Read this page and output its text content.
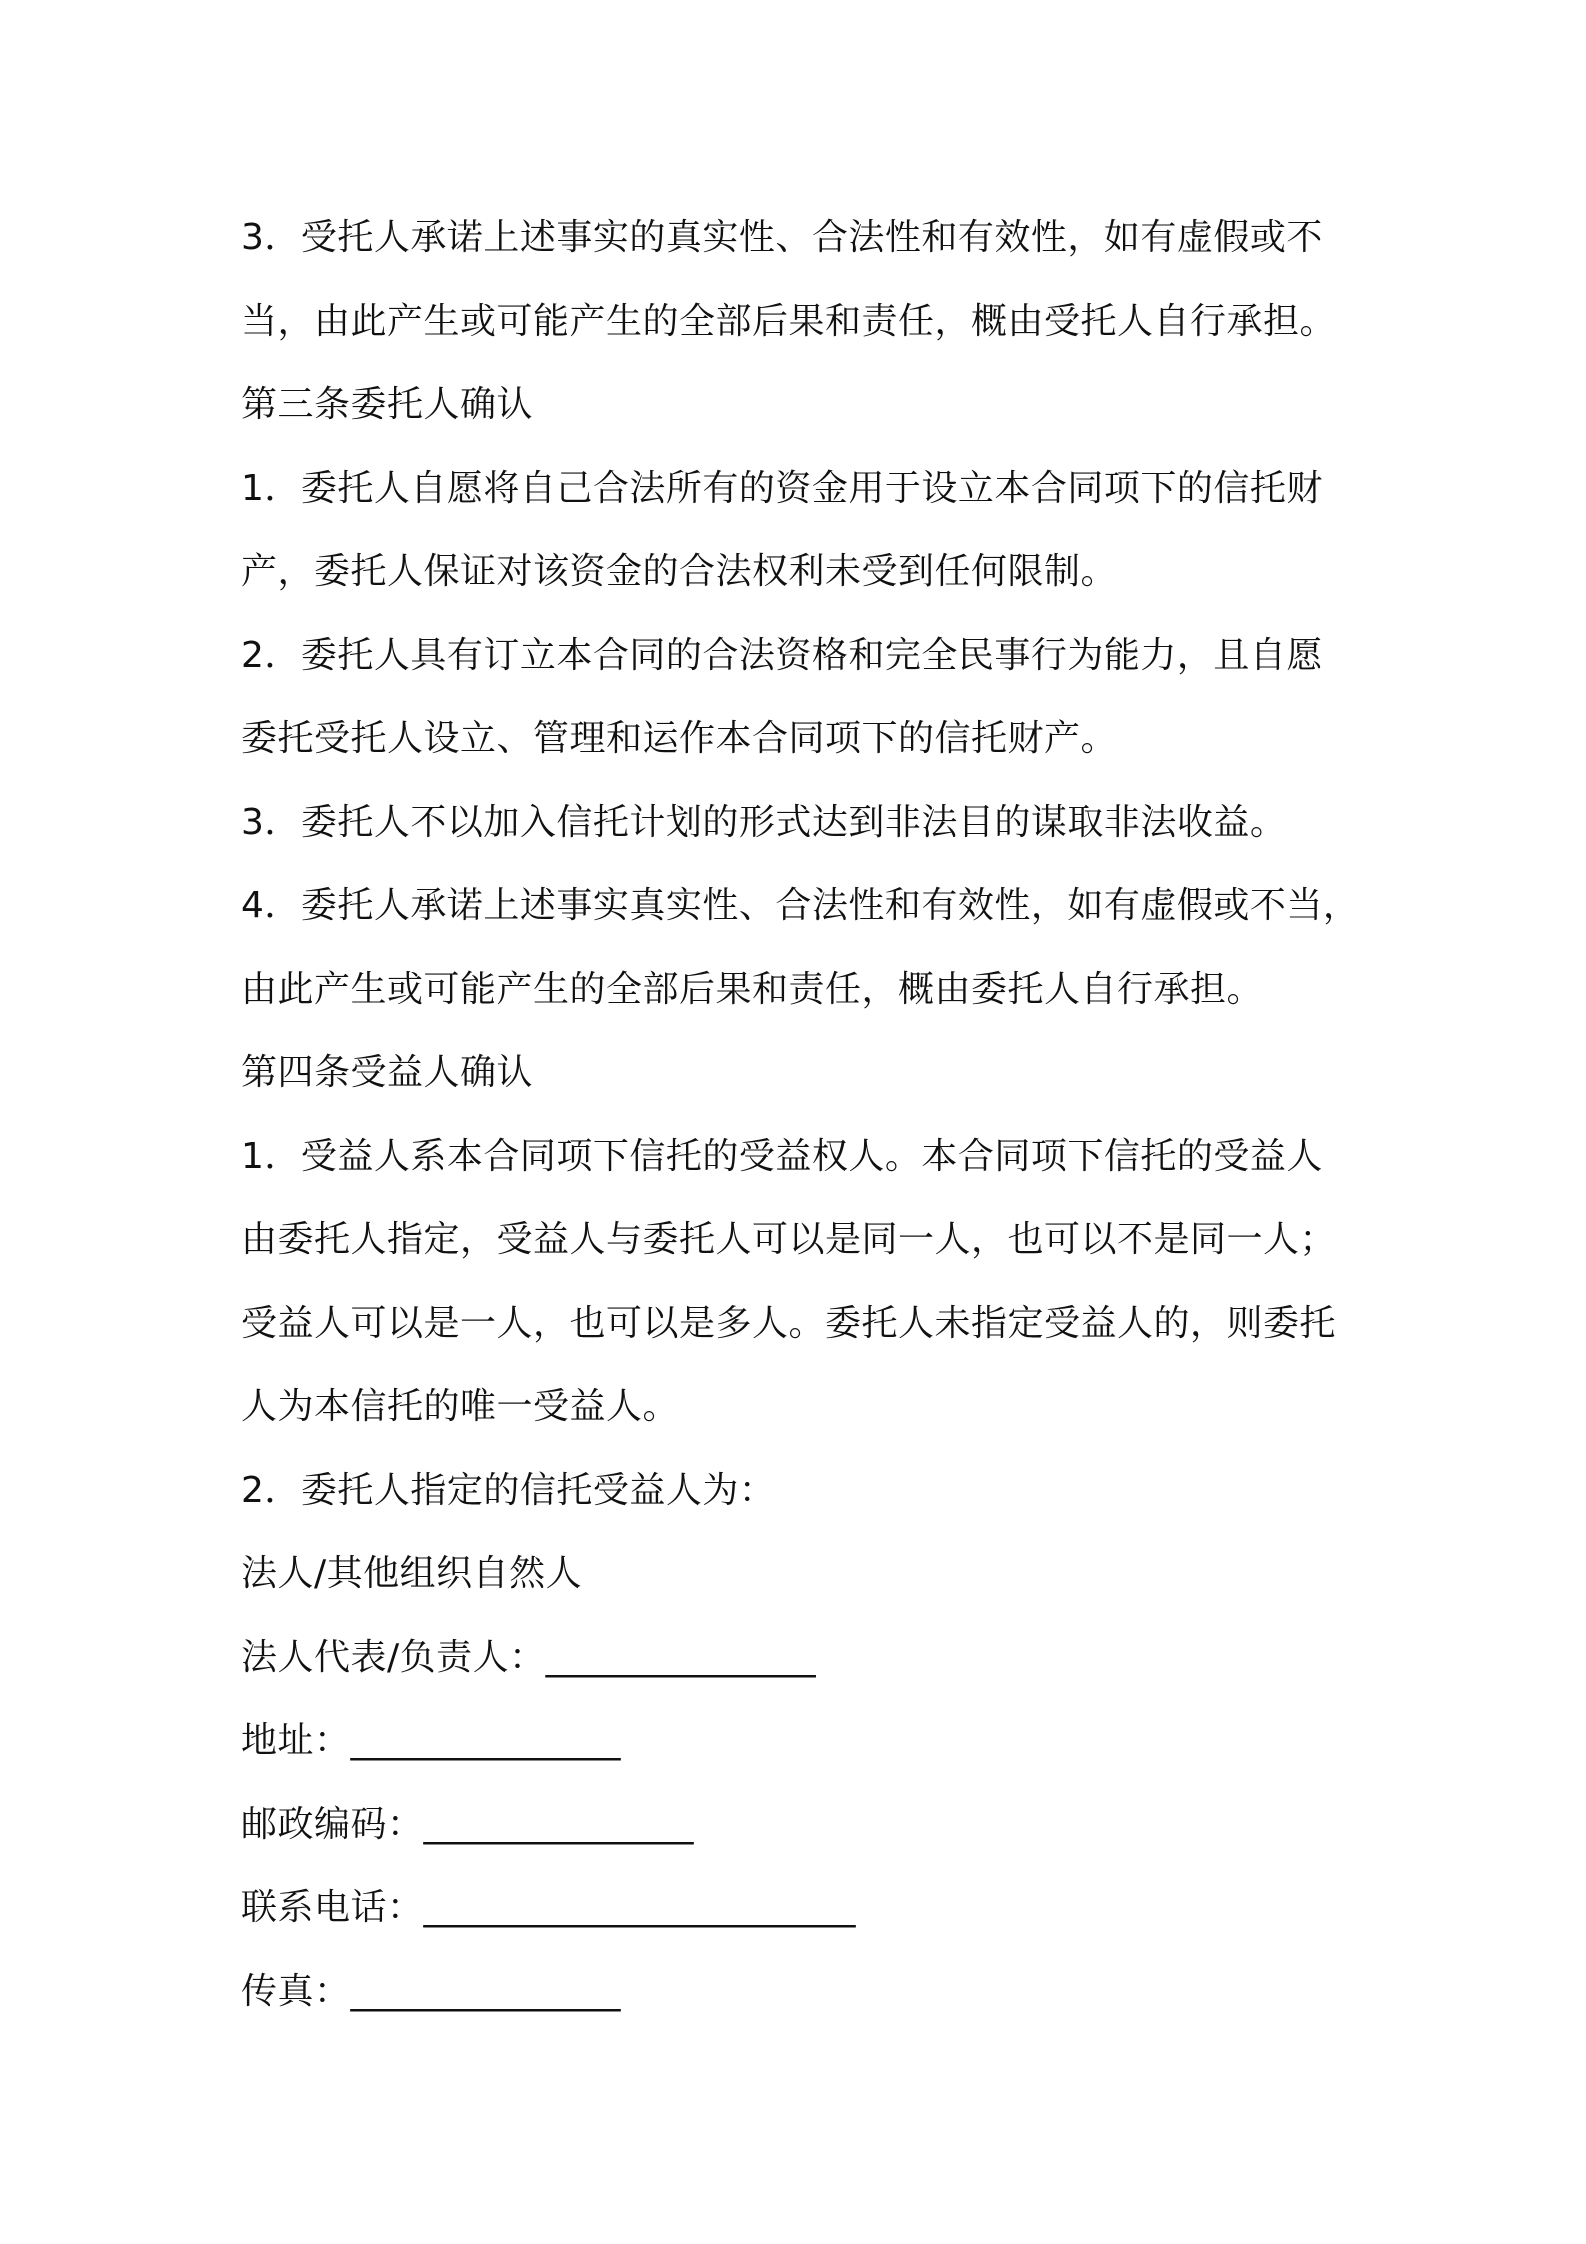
3．受托人承诺上述事实的真实性、合法性和有效性，如有虚假或不
当，由此产生或可能产生的全部后果和责任，概由受托人自行承担。
第三条委托人确认
1．委托人自愿将自己合法所有的资金用于设立本合同项下的信托财
产，委托人保证对该资金的合法权利未受到任何限制。
2．委托人具有订立本合同的合法资格和完全民事行为能力，且自愿
委托受托人设立、管理和运作本合同项下的信托财产。
3．委托人不以加入信托计划的形式达到非法目的谋取非法收益。
4．委托人承诺上述事实真实性、合法性和有效性，如有虚假或不当，
由此产生或可能产生的全部后果和责任，概由委托人自行承担。
第四条受益人确认
1．受益人系本合同项下信托的受益权人。本合同项下信托的受益人
由委托人指定，受益人与委托人可以是同一人，也可以不是同一人；
受益人可以是一人，也可以是多人。委托人未指定受益人的，则委托
人为本信托的唯一受益人。
2．委托人指定的信托受益人为：
法人/其他组织自然人
法人代表/负责人：_______________
地址：_______________
邮政编码：_______________
联系电话：________________________
传真：_______________
